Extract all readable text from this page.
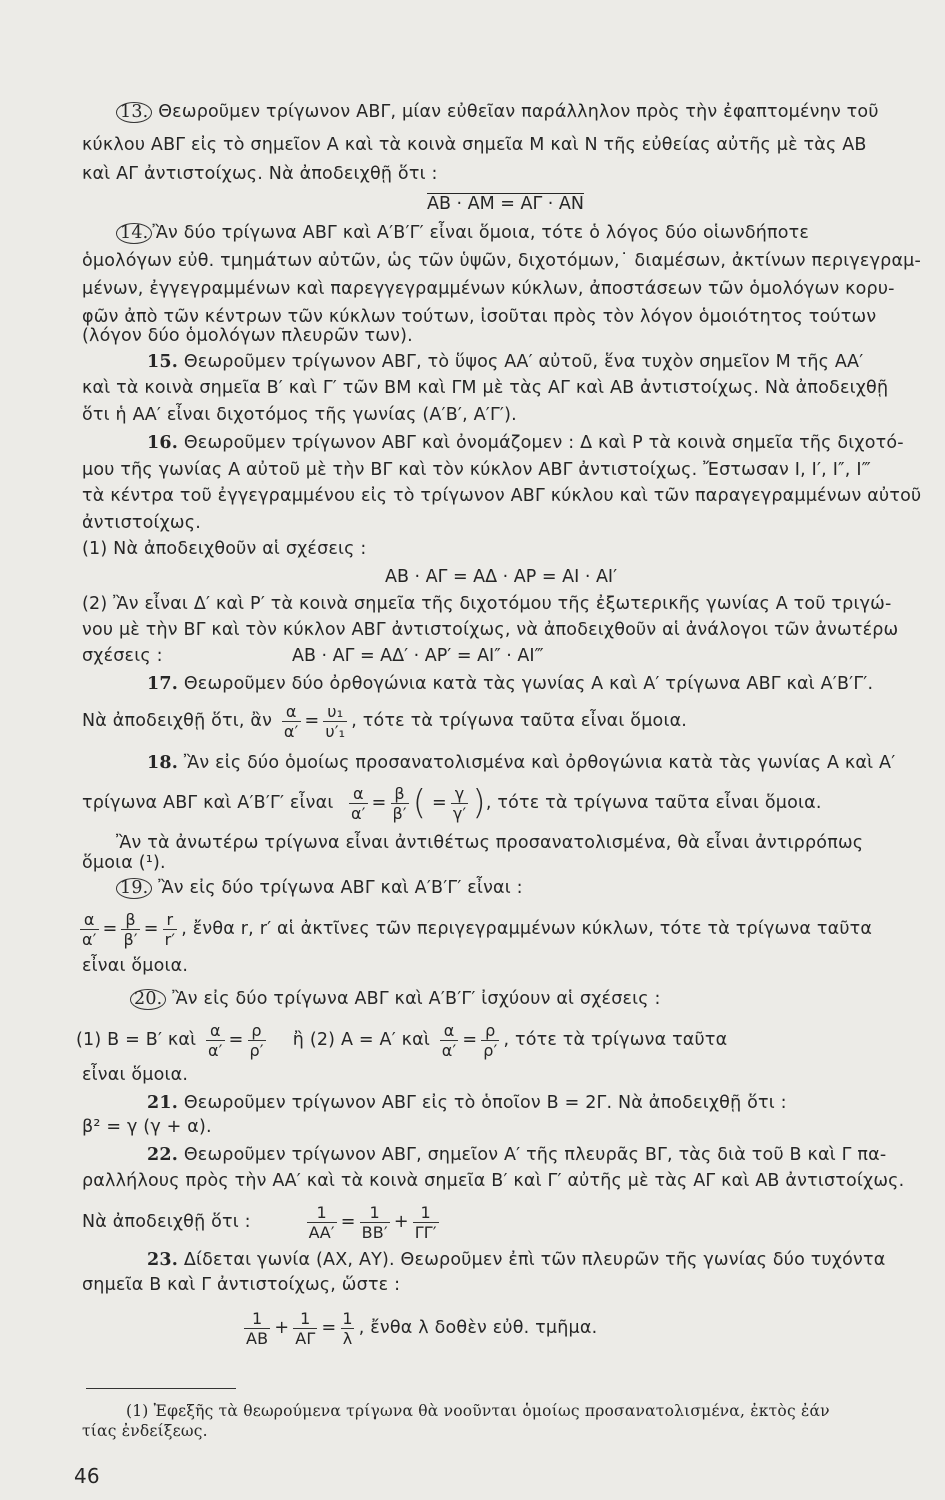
13. Θεωροῦμεν τρίγωνον ΑΒΓ, μίαν εὐθεῖαν παράλληλον πρὸς τὴν ἐφαπτομένην τοῦ
κύκλου ΑΒΓ εἰς τὸ σημεῖον Α καὶ τὰ κοινὰ σημεῖα Μ καὶ Ν τῆς εὐθείας αὐτῆς μὲ τὰς ΑΒ
καὶ ΑΓ ἀντιστοίχως. Νὰ ἀποδειχθῇ ὅτι :
ΑΒ · ΑΜ = ΑΓ · ΑΝ
14. Ἂν δύο τρίγωνα ΑΒΓ καὶ Α′Β′Γ′ εἶναι ὅμοια, τότε ὁ λόγος δύο οἱωνδήποτε
ὁμολόγων εὐθ. τμημάτων αὐτῶν, ὡς τῶν ὑψῶν, διχοτόμων,˙ διαμέσων, ἀκτίνων περιγεγραμ-
μένων, ἐγγεγραμμένων καὶ παρεγγεγραμμένων κύκλων, ἀποστάσεων τῶν ὁμολόγων κορυ-
φῶν ἀπὸ τῶν κέντρων τῶν κύκλων τούτων, ἰσοῦται πρὸς τὸν λόγον ὁμοιότητος τούτων
(λόγον δύο ὁμολόγων πλευρῶν των).
15. Θεωροῦμεν τρίγωνον ΑΒΓ, τὸ ὕψος ΑΑ′ αὐτοῦ, ἕνα τυχὸν σημεῖον Μ τῆς ΑΑ′
καὶ τὰ κοινὰ σημεῖα Β′ καὶ Γ′ τῶν ΒΜ καὶ ΓΜ μὲ τὰς ΑΓ καὶ ΑΒ ἀντιστοίχως. Νὰ ἀποδειχθῇ
ὅτι ἡ ΑΑ′ εἶναι διχοτόμος τῆς γωνίας (Α′Β′, Α′Γ′).
16. Θεωροῦμεν τρίγωνον ΑΒΓ καὶ ὀνομάζομεν : Δ καὶ Ρ τὰ κοινὰ σημεῖα τῆς διχοτό-
μου τῆς γωνίας Α αὐτοῦ μὲ τὴν ΒΓ καὶ τὸν κύκλον ΑΒΓ ἀντιστοίχως. Ἔστωσαν Ι, Ι′, Ι″, Ι‴
τὰ κέντρα τοῦ ἐγγεγραμμένου εἰς τὸ τρίγωνον ΑΒΓ κύκλου καὶ τῶν παραγεγραμμένων αὐτοῦ
ἀντιστοίχως.
(1) Νὰ ἀποδειχθοῦν αἱ σχέσεις :
ΑΒ · ΑΓ = ΑΔ · ΑΡ = ΑΙ · ΑΙ′
(2) Ἂν εἶναι Δ′ καὶ Ρ′ τὰ κοινὰ σημεῖα τῆς διχοτόμου τῆς ἐξωτερικῆς γωνίας Α τοῦ τριγώ-
νου μὲ τὴν ΒΓ καὶ τὸν κύκλον ΑΒΓ ἀντιστοίχως, νὰ ἀποδειχθοῦν αἱ ἀνάλογοι τῶν ἀνωτέρω
σχέσεις :	ΑΒ · ΑΓ = ΑΔ′ · ΑΡ′ = ΑΙ″ · ΑΙ‴
17. Θεωροῦμεν δύο ὀρθογώνια κατὰ τὰς γωνίας Α καὶ Α′ τρίγωνα ΑΒΓ καὶ Α′Β′Γ′.
Νὰ ἀποδειχθῇ ὅτι, ἂν
$\frac{\alpha}{\alpha'} = \frac{\text{υ₁}}{\text{υ′₁}}$ , τότε τὰ τρίγωνα ταῦτα εἶναι ὅμοια.
18. Ἂν εἰς δύο ὁμοίως προσανατολισμένα καὶ ὀρθογώνια κατὰ τὰς γωνίας Α καὶ Α′
τρίγωνα ΑΒΓ καὶ Α′Β′Γ′ εἶναι
$\frac{\alpha}{\alpha'} = \frac{\beta}{\beta'}$ ( = $\frac{\gamma}{\gamma'}$ ) , τότε τὰ τρίγωνα ταῦτα εἶναι ὅμοια.
Ἂν τὰ ἀνωτέρω τρίγωνα εἶναι ἀντιθέτως προσανατολισμένα, θὰ εἶναι ἀντιρρόπως
ὅμοια (¹).
19. Ἂν εἰς δύο τρίγωνα ΑΒΓ καὶ Α′Β′Γ′ εἶναι :
$\frac{\alpha}{\alpha'} = \frac{\beta}{\beta'} = \frac{r}{r'}$ , ἔνθα r, r′ αἱ ἀκτῖνες τῶν περιγεγραμμένων κύκλων, τότε τὰ τρίγωνα ταῦτα
εἶναι ὅμοια.
20. Ἂν εἰς δύο τρίγωνα ΑΒΓ καὶ Α′Β′Γ′ ἰσχύουν αἱ σχέσεις :
(1) Β = Β′ καὶ
$\frac{\alpha}{\alpha'} = \frac{\rho}{\rho'}$
ἢ (2) Α = Α′ καὶ
$\frac{\alpha}{\alpha'} = \frac{\rho}{\rho'}$ , τότε τὰ τρίγωνα ταῦτα
εἶναι ὅμοια.
21. Θεωροῦμεν τρίγωνον ΑΒΓ εἰς τὸ ὁποῖον Β = 2Γ. Νὰ ἀποδειχθῇ ὅτι :
β² = γ (γ + α).
22. Θεωροῦμεν τρίγωνον ΑΒΓ, σημεῖον Α′ τῆς πλευρᾶς ΒΓ, τὰς διὰ τοῦ Β καὶ Γ πα-
ραλλήλους πρὸς τὴν ΑΑ′ καὶ τὰ κοινὰ σημεῖα Β′ καὶ Γ′ αὐτῆς μὲ τὰς ΑΓ καὶ ΑΒ ἀντιστοίχως.
Νὰ ἀποδειχθῇ ὅτι :
	$\frac{1}{AA'} = \frac{1}{BB'} + \frac{1}{\Gamma\Gamma'}$
23. Δίδεται γωνία (ΑΧ, ΑΥ). Θεωροῦμεν ἐπὶ τῶν πλευρῶν τῆς γωνίας δύο τυχόντα
σημεῖα Β καὶ Γ ἀντιστοίχως, ὥστε :
$\frac{1}{AB} + \frac{1}{A\Gamma} = \frac{1}{\lambda}$ , ἔνθα λ δοθὲν εὐθ. τμῆμα.
(1) Ἐφεξῆς τὰ θεωρούμενα τρίγωνα θὰ νοοῦνται ὁμοίως προσανατολισμένα, ἐκτὸς ἐάν
τίας ἐνδείξεως.
46
